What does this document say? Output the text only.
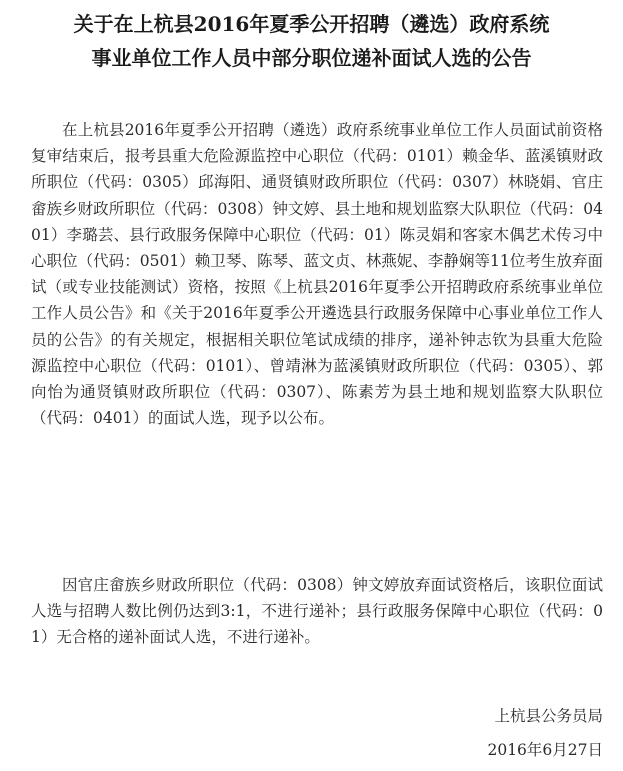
关于在上杭县2016年夏季公开招聘（遴选）政府系统
事业单位工作人员中部分职位递补面试人选的公告

在上杭县2016年夏季公开招聘（遴选）政府系统事业单位工作人员面试前资格复审结束后，报考县重大危险源监控中心职位（代码：0101）赖金华、蓝溪镇财政所职位（代码：0305）邱海阳、通贤镇财政所职位（代码：0307）林晓娟、官庄畲族乡财政所职位（代码：0308）钟文婷、县土地和规划监察大队职位（代码：0401）李璐芸、县行政服务保障中心职位（代码：01）陈灵娟和客家木偶艺术传习中心职位（代码：0501）赖卫琴、陈琴、蓝文贞、林燕妮、李静娴等11位考生放弃面试（或专业技能测试）资格，按照《上杭县2016年夏季公开招聘政府系统事业单位工作人员公告》和《关于2016年夏季公开遴选县行政服务保障中心事业单位工作人员的公告》的有关规定，根据相关职位笔试成绩的排序，递补钟志钦为县重大危险源监控中心职位（代码：0101）、曾靖淋为蓝溪镇财政所职位（代码：0305）、郭向怡为通贤镇财政所职位（代码：0307）、陈素芳为县土地和规划监察大队职位（代码：0401）的面试人选，现予以公布。

因官庄畲族乡财政所职位（代码：0308）钟文婷放弃面试资格后，该职位面试人选与招聘人数比例仍达到3:1，不进行递补；县行政服务保障中心职位（代码：01）无合格的递补面试人选，不进行递补。

上杭县公务员局
2016年6月27日
